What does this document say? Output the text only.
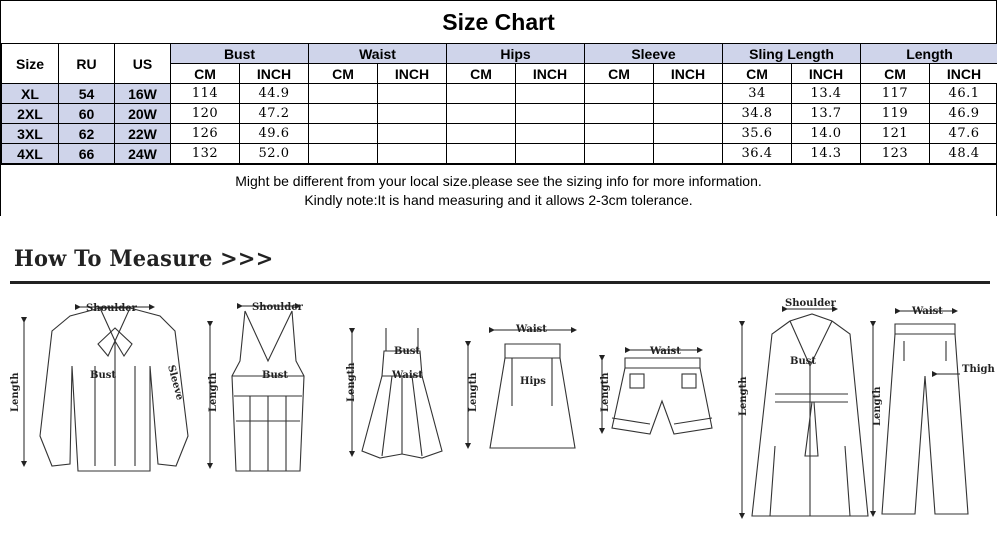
Size Chart
Size	RU	US	Bust		Waist		Hips		Sleeve		Sling Length		Length	
			CM	INCH	CM	INCH	CM	INCH	CM	INCH	CM	INCH	CM	INCH
XL	54	16W	114	44.9							34	13.4	117	46.1
2XL	60	20W	120	47.2							34.8	13.7	119	46.9
3XL	62	22W	126	49.6							35.6	14.0	121	47.6
4XL	66	24W	132	52.0							36.4	14.3	123	48.4
Might be different from your local size.please see the sizing info for more information.
Kindly note:It is hand measuring and it allows 2-3cm tolerance.
How To Measure >>>
Shoulder
Bust
Length	Sleeve
Shoulder
Bust
Length
Bust
Waist
Length
Waist
Hips
Length
Waist
Length
Shoulder
Bust
Length
Waist
Thigh
Length
